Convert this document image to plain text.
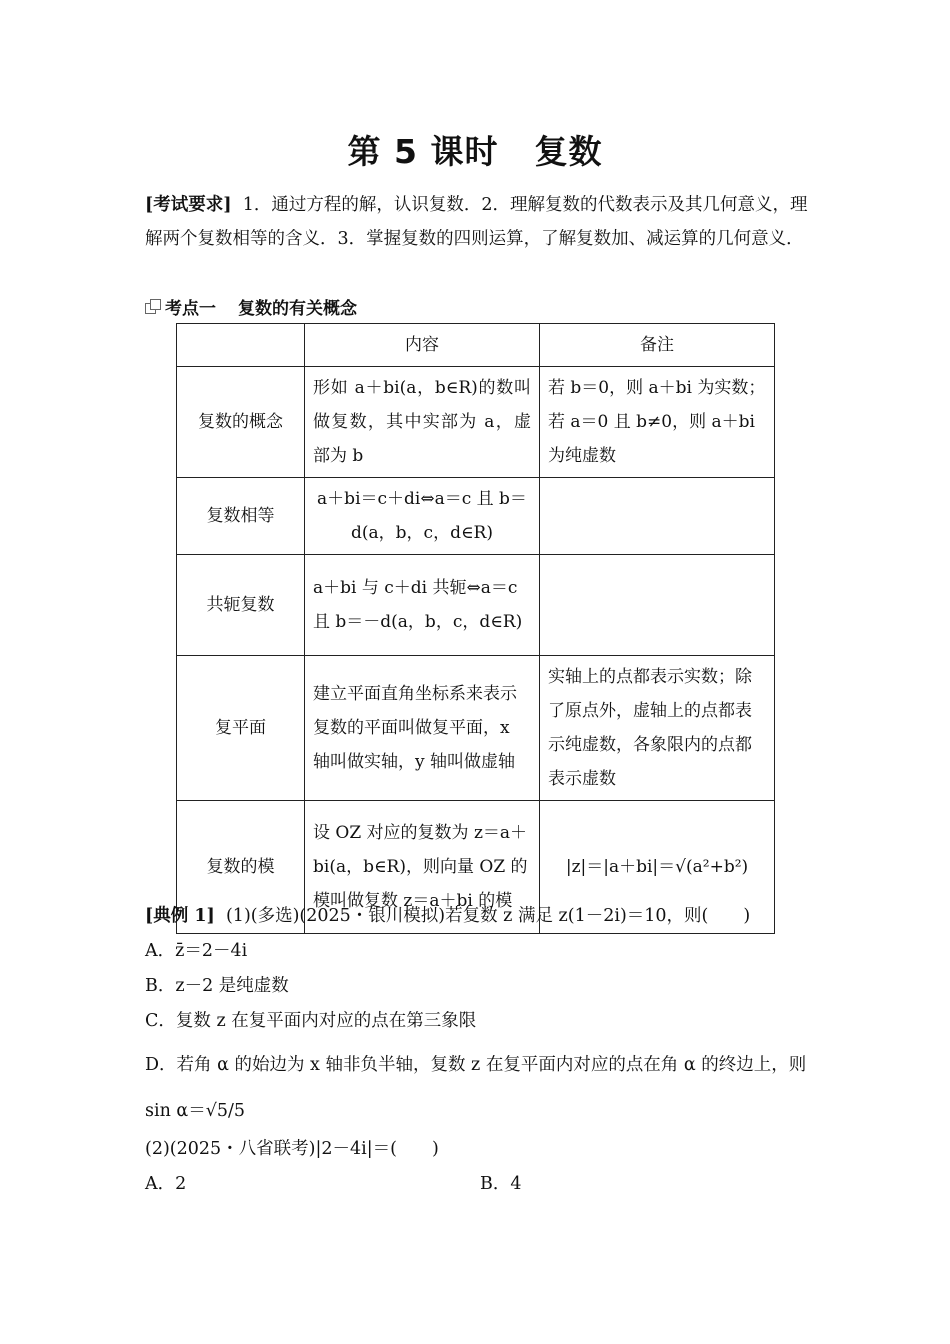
第 5 课时 复数
[考试要求] 1．通过方程的解，认识复数．2．理解复数的代数表示及其几何意义，理解两个复数相等的含义．3．掌握复数的四则运算，了解复数加、减运算的几何意义．
考点一 复数的有关概念
	内容	备注
复数的概念	形如 a＋bi(a，b∈R)的数叫做复数，其中实部为 a，虚部为 b	若 b＝0，则 a＋bi 为实数；若 a＝0 且 b≠0，则 a＋bi 为纯虚数
复数相等	a＋bi＝c＋di⇔a＝c 且 b＝d(a，b，c，d∈R)	
共轭复数	a＋bi 与 c＋di 共轭⇔a＝c 且 b＝－d(a，b，c，d∈R)	
复平面	建立平面直角坐标系来表示复数的平面叫做复平面，x 轴叫做实轴，y 轴叫做虚轴	实轴上的点都表示实数；除了原点外，虚轴上的点都表示纯虚数，各象限内的点都表示虚数
复数的模	设 OZ 对应的复数为 z＝a＋bi(a，b∈R)，则向量 OZ 的模叫做复数 z＝a＋bi 的模	|z|＝|a＋bi|＝√(a²+b²)
[典例 1] (1)(多选)(2025・银川模拟)若复数 z 满足 z(1－2i)＝10，则(　　)
A．z̄＝2－4i
B．z－2 是纯虚数
C．复数 z 在复平面内对应的点在第三象限
D．若角 α 的始边为 x 轴非负半轴，复数 z 在复平面内对应的点在角 α 的终边上，则 sin α＝√5/5
(2)(2025・八省联考)|2－4i|＝(　　)
A．2	B．4
